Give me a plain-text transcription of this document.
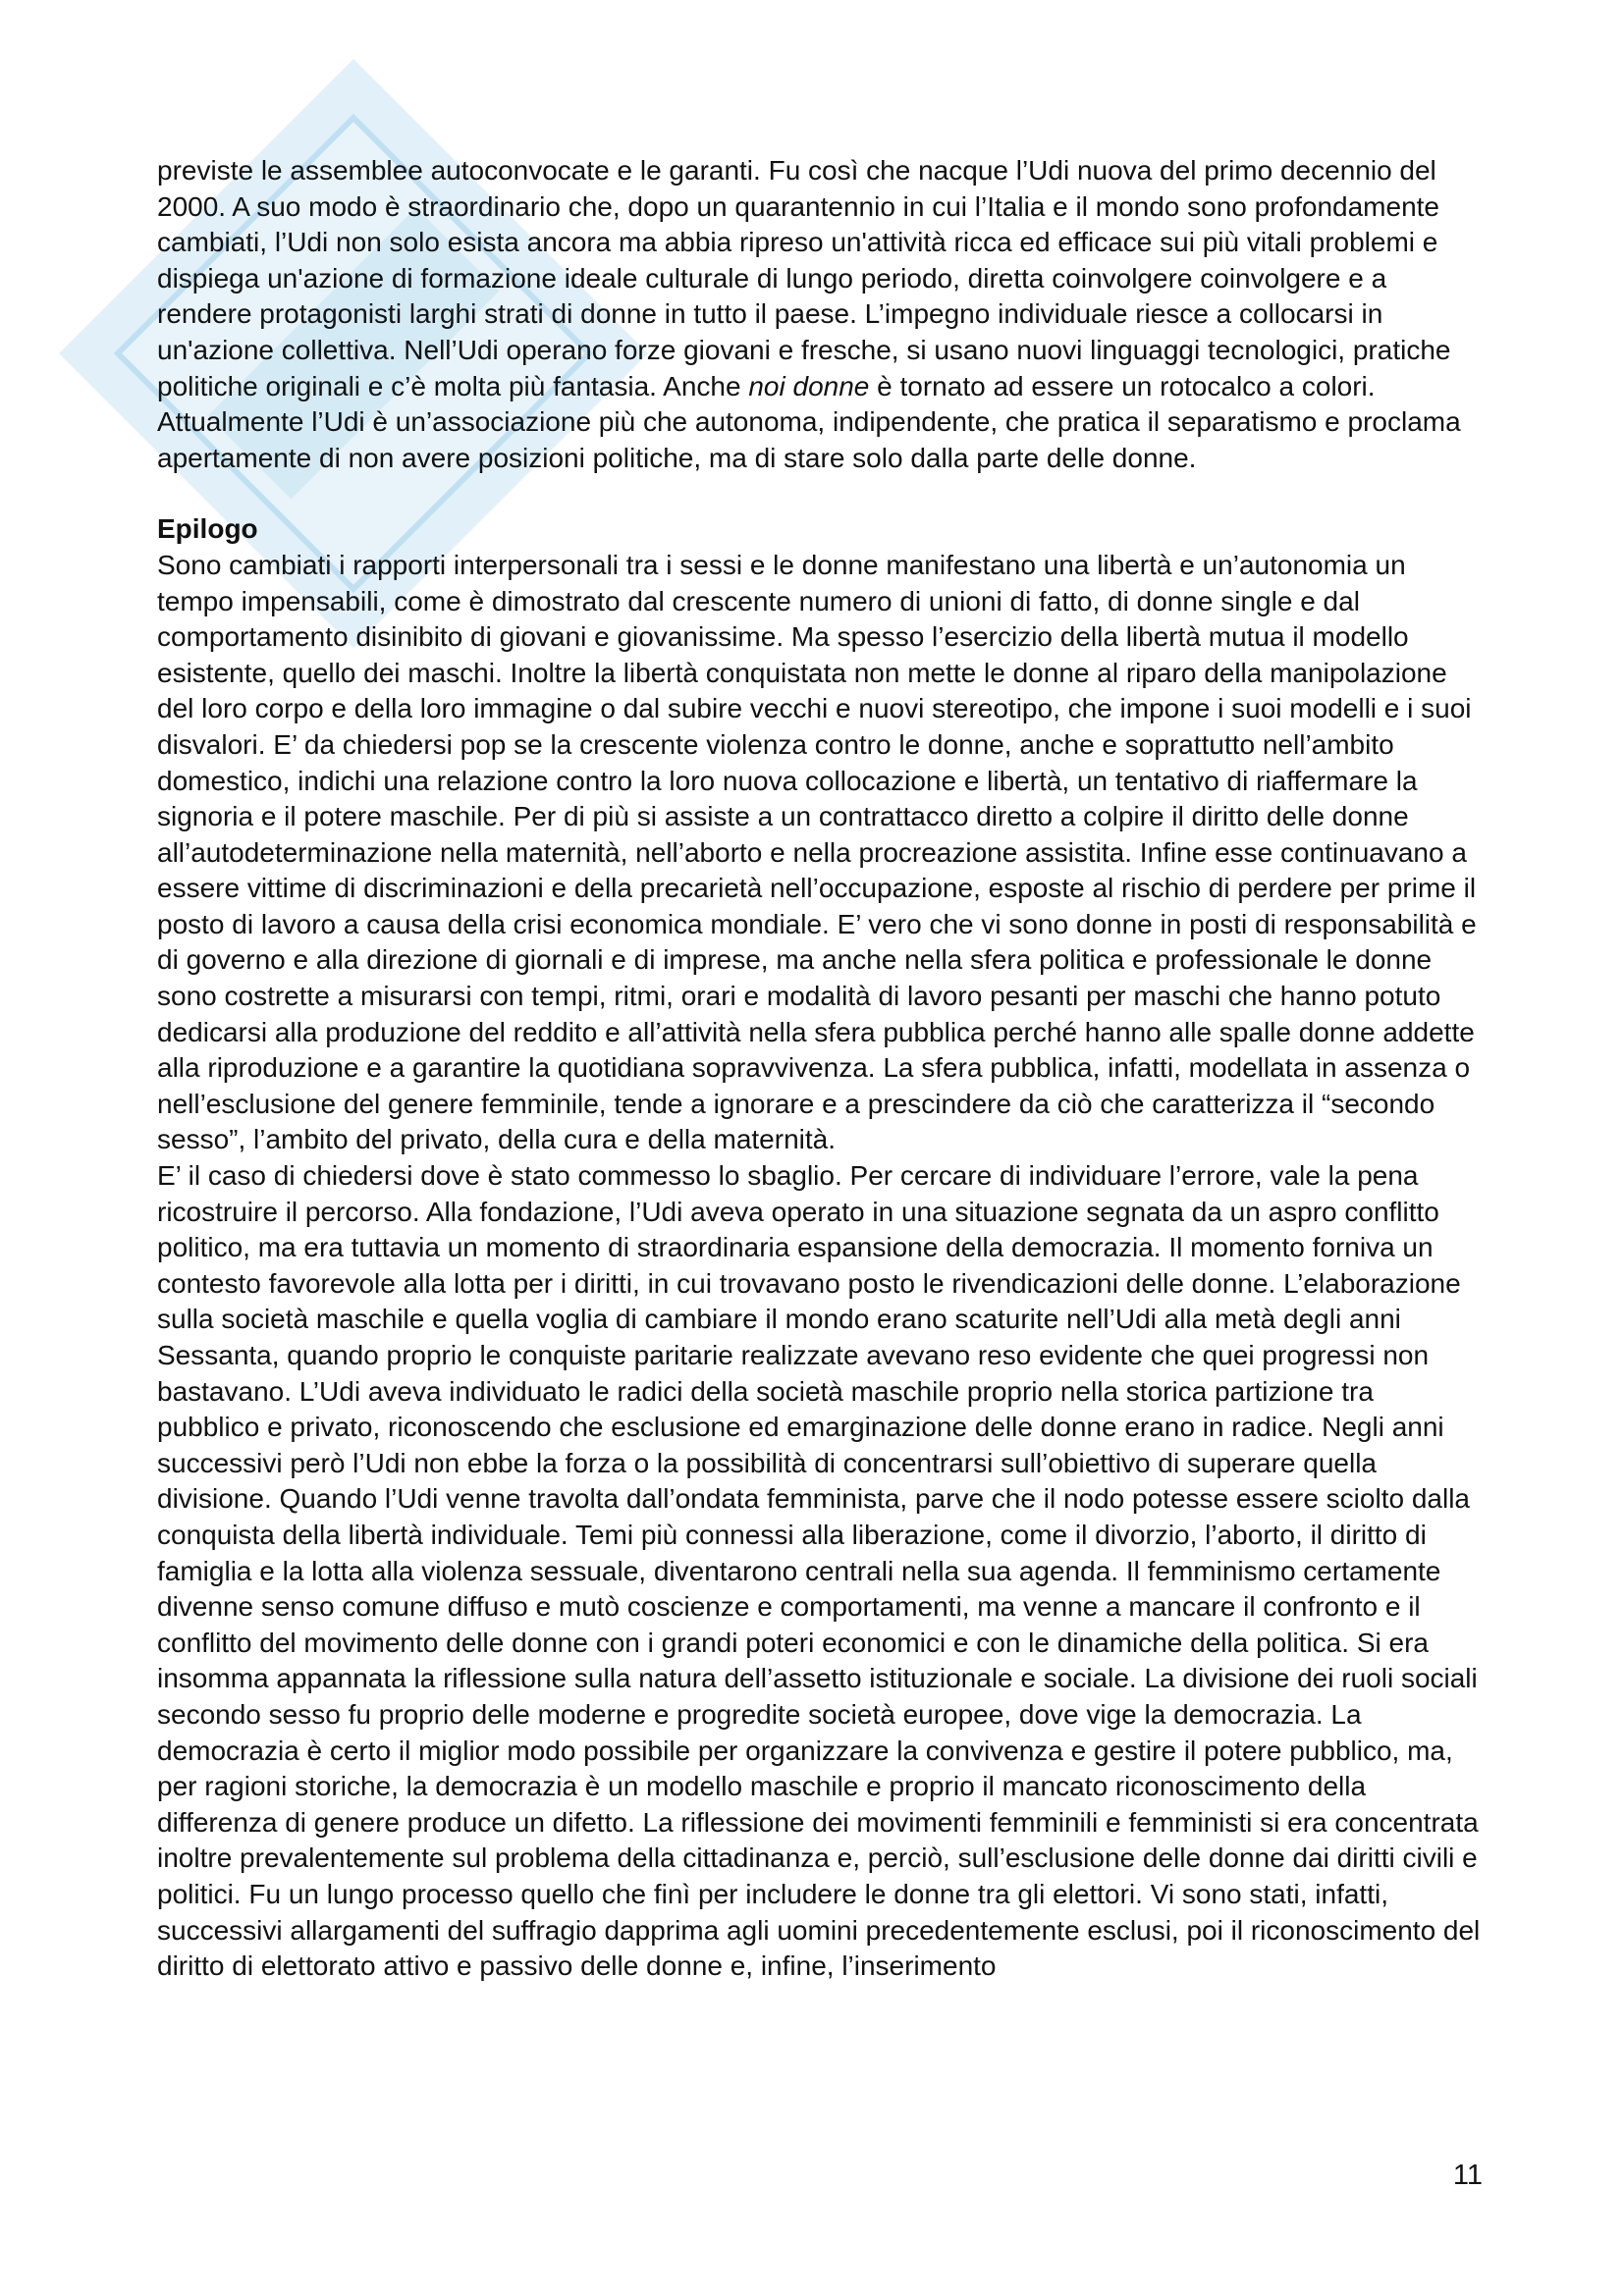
previste le assemblee autoconvocate e le garanti. Fu così che nacque l’Udi nuova del primo decennio del 2000. A suo modo è straordinario che, dopo un quarantennio in cui l’Italia e il mondo sono profondamente cambiati, l’Udi non solo esista ancora ma abbia ripreso un'attività ricca ed efficace sui più vitali problemi e dispiega un'azione di formazione ideale culturale di lungo periodo, diretta coinvolgere coinvolgere e a rendere protagonisti larghi strati di donne in tutto il paese. L’impegno individuale riesce a collocarsi in un'azione collettiva. Nell’Udi operano forze giovani e fresche, si usano nuovi linguaggi tecnologici, pratiche politiche originali e c’è molta più fantasia. Anche noi donne è tornato ad essere un rotocalco a colori. Attualmente l’Udi è un’associazione più che autonoma, indipendente, che pratica il separatismo e proclama apertamente di non avere posizioni politiche, ma di stare solo dalla parte delle donne.

Epilogo

Sono cambiati i rapporti interpersonali tra i sessi e le donne manifestano una libertà e un’autonomia un tempo impensabili, come è dimostrato dal crescente numero di unioni di fatto, di donne single e dal comportamento disinibito di giovani e giovanissime. Ma spesso l’esercizio della libertà mutua il modello esistente, quello dei maschi. Inoltre la libertà conquistata non mette le donne al riparo della manipolazione del loro corpo e della loro immagine o dal subire vecchi e nuovi stereotipo, che impone i suoi modelli e i suoi disvalori. E’ da chiedersi pop se la crescente violenza contro le donne, anche e soprattutto nell’ambito domestico, indichi una relazione contro la loro nuova collocazione e libertà, un tentativo di riaffermare la signoria e il potere maschile. Per di più si assiste a un contrattacco diretto a colpire il diritto delle donne all’autodeterminazione nella maternità, nell’aborto e nella procreazione assistita. Infine esse continuavano a essere vittime di discriminazioni e della precarietà nell’occupazione, esposte al rischio di perdere per prime il posto di lavoro a causa della crisi economica mondiale. E’ vero che vi sono donne in posti di responsabilità e di governo e alla direzione di giornali e di imprese, ma anche nella sfera politica e professionale le donne sono costrette a misurarsi con tempi, ritmi, orari e modalità di lavoro pesanti per maschi che hanno potuto dedicarsi alla produzione del reddito e all’attività nella sfera pubblica perché hanno alle spalle donne addette alla riproduzione e a garantire la quotidiana sopravvivenza. La sfera pubblica, infatti, modellata in assenza o nell’esclusione del genere femminile, tende a ignorare e a prescindere da ciò che caratterizza il “secondo sesso”, l’ambito del privato, della cura e della maternità.

E’ il caso di chiedersi dove è stato commesso lo sbaglio. Per cercare di individuare l’errore, vale la pena ricostruire il percorso. Alla fondazione, l’Udi aveva operato in una situazione segnata da un aspro conflitto politico, ma era tuttavia un momento di straordinaria espansione della democrazia. Il momento forniva un contesto favorevole alla lotta per i diritti, in cui trovavano posto le rivendicazioni delle donne. L’elaborazione sulla società maschile e quella voglia di cambiare il mondo erano scaturite nell’Udi alla metà degli anni Sessanta, quando proprio le conquiste paritarie realizzate avevano reso evidente che quei progressi non bastavano. L’Udi aveva individuato le radici della società maschile proprio nella storica partizione tra pubblico e privato, riconoscendo che esclusione ed emarginazione delle donne erano in radice. Negli anni successivi però l’Udi non ebbe la forza o la possibilità di concentrarsi sull’obiettivo di superare quella divisione. Quando l’Udi venne travolta dall’ondata femminista, parve che il nodo potesse essere sciolto dalla conquista della libertà individuale. Temi più connessi alla liberazione, come il divorzio, l’aborto, il diritto di famiglia e la lotta alla violenza sessuale, diventarono centrali nella sua agenda. Il femminismo certamente divenne senso comune diffuso e mutò coscienze e comportamenti, ma venne a mancare il confronto e il conflitto del movimento delle donne con i grandi poteri economici e con le dinamiche della politica. Si era insomma appannata la riflessione sulla natura dell’assetto istituzionale e sociale. La divisione dei ruoli sociali secondo sesso fu proprio delle moderne e progredite società europee, dove vige la democrazia. La democrazia è certo il miglior modo possibile per organizzare la convivenza e gestire il potere pubblico, ma, per ragioni storiche, la democrazia è un modello maschile e proprio il mancato riconoscimento della differenza di genere produce un difetto. La riflessione dei movimenti femminili e femministi si era concentrata inoltre prevalentemente sul problema della cittadinanza e, perciò, sull’esclusione delle donne dai diritti civili e politici. Fu un lungo processo quello che finì per includere le donne tra gli elettori. Vi sono stati, infatti, successivi allargamenti del suffragio dapprima agli uomini precedentemente esclusi, poi il riconoscimento del diritto di elettorato attivo e passivo delle donne e, infine, l’inserimento

11
